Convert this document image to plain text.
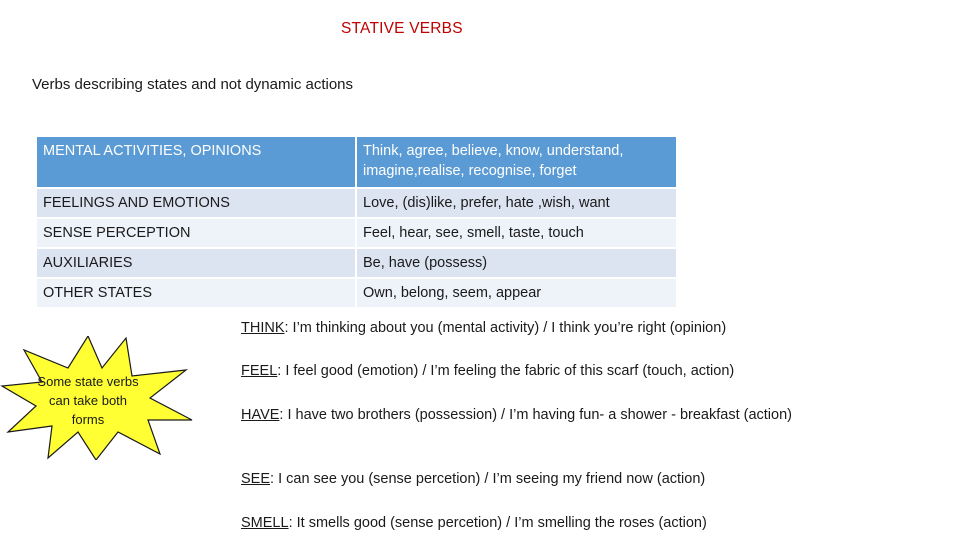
STATIVE VERBS
Verbs describing states and not dynamic actions
MENTAL ACTIVITIES, OPINIONS	Think, agree, believe, know, understand, imagine,realise, recognise, forget
FEELINGS AND EMOTIONS	Love, (dis)like, prefer, hate ,wish, want
SENSE PERCEPTION	Feel, hear, see, smell, taste, touch
AUXILIARIES	Be, have (possess)
OTHER STATES	Own, belong, seem, appear
Some state verbs can take both forms
THINK: I’m thinking about you (mental activity) / I think you’re right (opinion)
FEEL: I feel good (emotion) / I’m feeling the fabric of this scarf (touch, action)
HAVE: I have two brothers (possession) / I’m having fun- a shower - breakfast (action)
SEE: I can see you (sense percetion) / I’m seeing my friend now (action)
SMELL: It smells good (sense percetion) / I’m smelling the roses (action)
